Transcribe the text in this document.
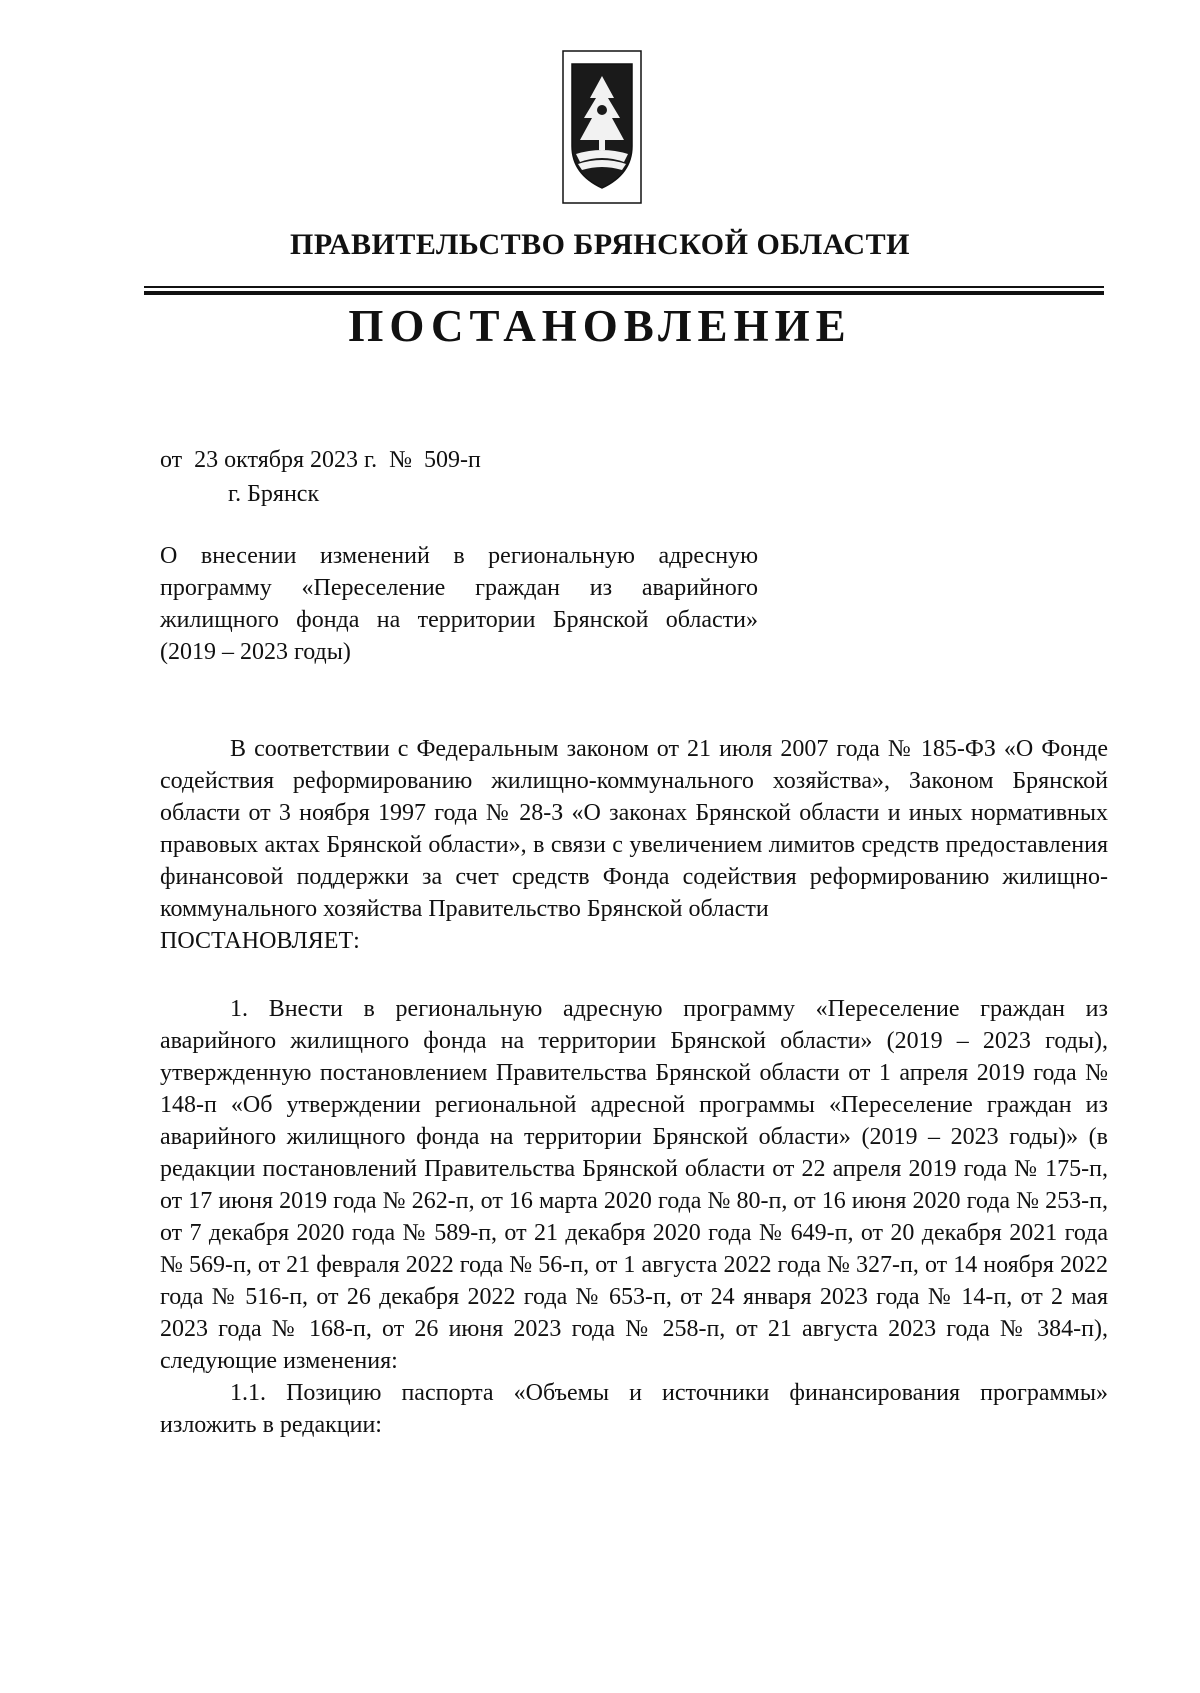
ПРАВИТЕЛЬСТВО БРЯНСКОЙ ОБЛАСТИ
ПОСТАНОВЛЕНИЕ
от  23 октября 2023 г.  №  509-п
г. Брянск
О внесении изменений в региональную адресную программу «Переселение граждан из аварийного жилищного фонда на территории Брянской области» (2019 – 2023 годы)

В соответствии с Федеральным законом от 21 июля 2007 года № 185-ФЗ «О Фонде содействия реформированию жилищно-коммунального хозяйства», Законом Брянской области от 3 ноября 1997 года № 28-З «О законах Брянской области и иных нормативных правовых актах Брянской области», в связи с увеличением лимитов средств предоставления финансовой поддержки за счет средств Фонда содействия реформированию жилищно-коммунального хозяйства Правительство Брянской области
ПОСТАНОВЛЯЕТ:

1. Внести в региональную адресную программу «Переселение граждан из аварийного жилищного фонда на территории Брянской области» (2019 – 2023 годы), утвержденную постановлением Правительства Брянской области от 1 апреля 2019 года № 148-п «Об утверждении региональной адресной программы «Переселение граждан из аварийного жилищного фонда на территории Брянской области» (2019 – 2023 годы)» (в редакции постановлений Правительства Брянской области от 22 апреля 2019 года № 175-п, от 17 июня 2019 года № 262-п, от 16 марта 2020 года № 80-п, от 16 июня 2020 года № 253-п, от 7 декабря 2020 года № 589-п, от 21 декабря 2020 года № 649-п, от 20 декабря 2021 года № 569-п, от 21 февраля 2022 года № 56-п, от 1 августа 2022 года № 327-п, от 14 ноября 2022 года № 516-п, от 26 декабря 2022 года № 653-п, от 24 января 2023 года № 14-п, от 2 мая 2023 года № 168-п, от 26 июня 2023 года № 258-п, от 21 августа 2023 года № 384-п), следующие изменения:

1.1. Позицию паспорта «Объемы и источники финансирования программы» изложить в редакции:
